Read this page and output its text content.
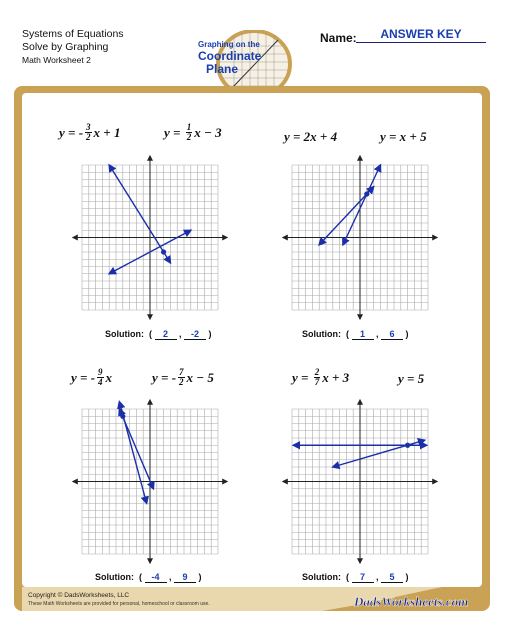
Systems of Equations
Solve by Graphing
Math Worksheet 2
Graphing on the
Coordinate
Plane
Name:	ANSWER KEY
y = - $\frac{3}{2}$ x + 1	y =
$\frac{1}{2}$ x − 3
Solution:  ( 2 , -2 )
y = 2x + 4	y = x + 5
Solution:  ( 1 , 6 )
y = - $\frac{9}{4}$ x	y =
- $\frac{7}{2}$ x − 5
Solution:  ( -4 , 9 )
$y = \frac{2}{7}$ x + 3	y = 5
Solution:  ( 7 , 5 )
Copyright © DadsWorksheets, LLC
These Math Worksheets are provided for personal, homeschool or classroom use.	DadsWorksheets.com
